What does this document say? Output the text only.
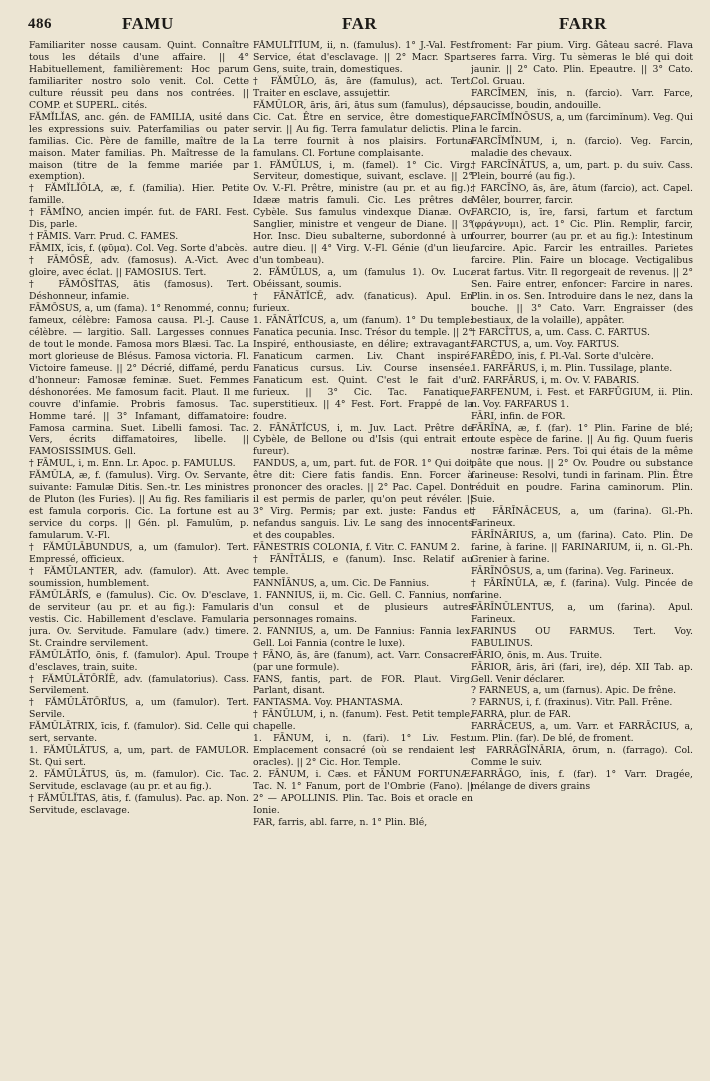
486	FAMU	FAR	FARR

Familiariter nosse causam. Quint. Connaître tous les détails d'une affaire. || 4° Habituellement, familièrement: Hoc parum familiariter nostro solo venit. Col. Cette culture réussit peu dans nos contrées. || COMP. et SUPERL. cités.

FĂMĬLĬAS, anc. gén. de FAMILIA, usité dans les expressions suiv. Paterfamilias ou pater familias. Cic. Père de famille, maître de la maison. Mater familias. Ph. Maîtresse de la maison (titre de la femme mariée par exemption).

† FĂMĬLĬŎLA, æ, f. (familia). Hier. Petite famille.

† FĀMĬNO, ancien impér. fut. de FARI. Fest. Dis, parle.

† FĀMIS. Varr. Prud. C. FAMES.

FĀMIX, ĭcis, f. (φῦμα). Col. Veg. Sorte d'abcès.

† FĀMŌSĒ, adv. (famosus). A.-Vict. Avec gloire, avec éclat. || FAMOSIUS. Tert.

† FĀMŌSĬTAS, ātis (famosus). Tert. Déshonneur, infamie.

FĀMŌSUS, a, um (fama). 1° Renommé, connu; fameux, célèbre: Famosa causa. Pl.-J. Cause célèbre. — largitio. Sall. Largesses connues de tout le monde. Famosa mors Blæsi. Tac. La mort glorieuse de Blésus. Famosa victoria. Fl. Victoire fameuse. || 2° Décrié, diffamé, perdu d'honneur: Famosæ feminæ. Suet. Femmes déshonorées. Me famosum facit. Plaut. Il me couvre d'infamie. Probris famosus. Tac. Homme taré. || 3° Infamant, diffamatoire: Famosa carmina. Suet. Libelli famosi. Tac. Vers, écrits diffamatoires, libelle. || FAMOSISSIMUS. Gell.

† FĀMUL, i, m. Enn. Lr. Apoc. p. FAMULUS.

FĂMŬLA, æ, f. (famulus). Virg. Ov. Servante, suivante: Famulæ Ditis. Sen.-tr. Les ministres de Pluton (les Furies). || Au fig. Res familiaris est famula corporis. Cic. La fortune est au service du corps. || Gén. pl. Famulūm, p. famularum. V.-Fl.

† FĂMŬLĀBUNDUS, a, um (famulor). Tert. Empressé, officieux.

† FĂMŬLANTER, adv. (famulor). Att. Avec soumission, humblement.

FĂMŬLĀRĬS, e (famulus). Cic. Ov. D'esclave, de serviteur (au pr. et au fig.): Famularis vestis. Cic. Habillement d'esclave. Famularia jura. Ov. Servitude. Famulare (adv.) timere. St. Craindre servilement.

FĂMŬLĀTĬO, ōnis, f. (famulor). Apul. Troupe d'esclaves, train, suite.

† FĂMŬLĀTŌRĬĒ, adv. (famulatorius). Cass. Servilement.

† FĂMŬLĀTŌRĬUS, a, um (famulor). Tert. Servile.

FĂMŬLĀTRIX, īcis, f. (famulor). Sid. Celle qui sert, servante.

1. FĂMŬLĀTUS, a, um, part. de FAMULOR. St. Qui sert.

2. FĂMŬLĀTUS, ūs, m. (famulor). Cic. Tac. Servitude, esclavage (au pr. et au fig.).

† FĂMŬLĬTAS, ātis, f. (famulus). Pac. ap. Non. Servitude, esclavage.

FĂMŬLĬTĬUM, ii, n. (famulus). 1° J.-Val. Fest. Service, état d'esclavage. || 2° Macr. Spart. Gens, suite, train, domestiques.

† FĂMŬLO, ās, āre (famulus), act. Tert. Traiter en esclave, assujettir.

FĂMŬLOR, āris, āri, ātus sum (famulus), dép. Cic. Cat. Être en service, être domestique, servir. || Au fig. Terra famulatur delictis. Plin. La terre fournit à nos plaisirs. Fortuna famulans. Cl. Fortune complaisante.

1. FĂMŬLUS, i, m. (famel). 1° Cic. Virg. Serviteur, domestique, suivant, esclave. || 2° Ov. V.-Fl. Prêtre, ministre (au pr. et au fig.): Idææ matris famuli. Cic. Les prêtres de Cybèle. Sus famulus vindexque Dianæ. Ov. Sanglier, ministre et vengeur de Diane. || 3° Hor. Insc. Dieu subalterne, subordonné à un autre dieu. || 4° Virg. V.-Fl. Génie (d'un lieu, d'un tombeau).

2. FĂMŬLUS, a, um (famulus 1). Ov. Luc. Obéissant, soumis.

† FĀNĀTĬCĒ, adv. (fanaticus). Apul. En furieux.

1. FĀNĀTĬCUS, a, um (fanum). 1° Du temple: Fanatica pecunia. Insc. Trésor du temple. || 2° Inspiré, enthousiaste, en délire; extravagant: Fanaticum carmen. Liv. Chant inspiré. Fanaticus cursus. Liv. Course insensée. Fanaticum est. Quint. C'est le fait d'un furieux. || 3° Cic. Tac. Fanatique, superstitieux. || 4° Fest. Fort. Frappé de la foudre.

2. FĀNĀTĬCUS, i, m. Juv. Lact. Prêtre de Cybèle, de Bellone ou d'Isis (qui entrait en fureur).

FANDUS, a, um, part. fut. de FOR. 1° Qui doit être dit: Ciere fatis fandis. Enn. Forcer à prononcer des oracles. || 2° Pac. Capel. Dont il est permis de parler, qu'on peut révéler. || 3° Virg. Permis; par ext. juste: Fandus et nefandus sanguis. Liv. Le sang des innocents et des coupables.

FĀNESTRIS COLONIA, f. Vitr. C. FANUM 2.

† FĀNĪTĀLIS, e (fanum). Insc. Relatif au temple.

FANNĪĀNUS, a, um. Cic. De Fannius.

1. FANNIUS, ii, m. Cic. Gell. C. Fannius, nom d'un consul et de plusieurs autres personnages romains.

2. FANNIUS, a, um. De Fannius: Fannia lex. Gell. Loi Fannia (contre le luxe).

† FĀNO, ās, āre (fanum), act. Varr. Consacrer (par une formule).

FANS, fantis, part. de FOR. Plaut. Virg. Parlant, disant.

FANTASMA. Voy. PHANTASMA.

† FĀNŬLUM, i, n. (fanum). Fest. Petit temple, chapelle.

1. FĀNUM, i, n. (fari). 1° Liv. Fest. Emplacement consacré (où se rendaient les oracles). || 2° Cic. Hor. Temple.

2. FĀNUM, i. Cæs. et FĀNUM FORTUNÆ. Tac. N. 1° Fanum, port de l'Ombrie (Fano). || 2° — APOLLINIS. Plin. Tac. Bois et oracle en Ionie.

FAR, farris, abl. farre, n. 1° Plin. Blé,

froment: Far pium. Virg. Gâteau sacré. Flava seres farra. Virg. Tu sèmeras le blé qui doit jaunir. || 2° Cato. Plin. Epeautre. || 3° Cato. Col. Gruau.

FARCĪMEN, ĭnis, n. (farcio). Varr. Farce, saucisse, boudin, andouille.

FARCĪMĬNŌSUS, a, um (farcimĭnum). Veg. Qui a le farcin.

FARCĪMĬNUM, i, n. (farcio). Veg. Farcin, maladie des chevaux.

† FARCĪNĀTUS, a, um, part. p. du suiv. Cass. Plein, bourré (au fig.).

† FARCĪNO, ās, āre, ātum (farcio), act. Capel. Mêler, bourrer, farcir.

FARCIO, is, īre, farsi, fartum et farctum (φράγνυμι), act. 1° Cic. Plin. Remplir, farcir, fourrer, bourrer (au pr. et au fig.): Intestinum farcire. Apic. Farcir les entrailles. Parietes farcire. Plin. Faire un blocage. Vectigalibus erat fartus. Vitr. Il regorgeait de revenus. || 2° Sen. Faire entrer, enfoncer: Farcire in nares. Plin. in os. Sen. Introduire dans le nez, dans la bouche. || 3° Cato. Varr. Engraisser (des bestiaux, de la volaille), appâter.

† FARCĪTUS, a, um. Cass. C. FARTUS.

FARCTUS, a, um. Voy. FARTUS.

FARĒDO, ĭnis, f. Pl.-Val. Sorte d'ulcère.

1. FARFĀRUS, i, m. Plin. Tussilage, plante.

2. FARFĀRUS, i, m. Ov. V. FABARIS.

FARFENUM, i. Fest. et FARFŪGIUM, ii. Plin. n. Voy. FARFARUS 1.

FĀRI, infin. de FOR.

FĀRĪNA, æ, f. (far). 1° Plin. Farine de blé; toute espèce de farine. || Au fig. Quum fueris nostræ farinæ. Pers. Toi qui étais de la même pâte que nous. || 2° Ov. Poudre ou substance farineuse: Resolvi, tundi in farinam. Plin. Être réduit en poudre. Farina caminorum. Plin. Suie.

† FĀRĪNĀCEUS, a, um (farina). Gl.-Ph. Farineux.

FĀRĪNĀRIUS, a, um (farina). Cato. Plin. De farine, à farine. || FARINARIUM, ii, n. Gl.-Ph. Grenier à farine.

FĀRĪNŌSUS, a, um (farina). Veg. Farineux.

† FĀRĪNŬLA, æ, f. (farina). Vulg. Pincée de farine.

FĀRĪNŬLENTUS, a, um (farina). Apul. Farineux.

FARINUS OU FARMUS. Tert. Voy. FABULINUS.

FĀRIO, ōnis, m. Aus. Truite.

FĀRIOR, āris, āri (fari, ire), dép. XII Tab. ap. Gell. Venir déclarer.

? FARNEUS, a, um (farnus). Apic. De frêne.

? FARNUS, i, f. (fraxinus). Vitr. Pall. Frêne.

FARRA, plur. de FAR.

FARRĀCEUS, a, um. Varr. et FARRĀCIUS, a, um. Plin. (far). De blé, de froment.

† FARRĀGĬNĀRIA, ōrum, n. (farrago). Col. Comme le suiv.

FARRĀGO, ĭnis, f. (far). 1° Varr. Dragée, mélange de divers grains
